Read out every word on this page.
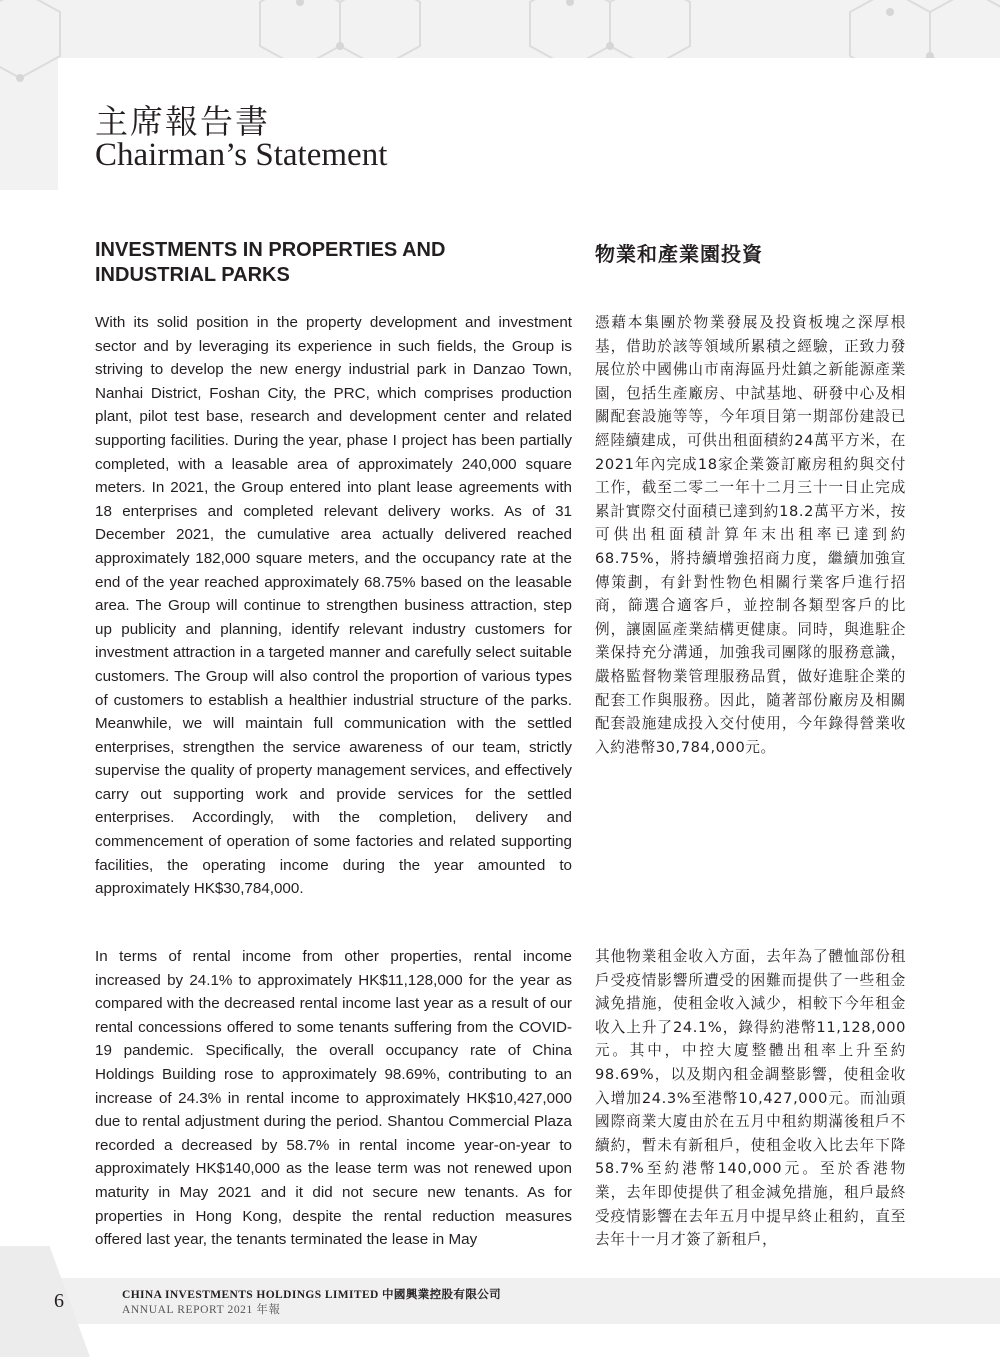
主席報告書
Chairman’s Statement
INVESTMENTS IN PROPERTIES AND INDUSTRIAL PARKS
物業和產業園投資

With its solid position in the property development and investment sector and by leveraging its experience in such fields, the Group is striving to develop the new energy industrial park in Danzao Town, Nanhai District, Foshan City, the PRC, which comprises production plant, pilot test base, research and development center and related supporting facilities. During the year, phase I project has been partially completed, with a leasable area of approximately 240,000 square meters. In 2021, the Group entered into plant lease agreements with 18 enterprises and completed relevant delivery works. As of 31 December 2021, the cumulative area actually delivered reached approximately 182,000 square meters, and the occupancy rate at the end of the year reached approximately 68.75% based on the leasable area. The Group will continue to strengthen business attraction, step up publicity and planning, identify relevant industry customers for investment attraction in a targeted manner and carefully select suitable customers. The Group will also control the proportion of various types of customers to establish a healthier industrial structure of the parks. Meanwhile, we will maintain full communication with the settled enterprises, strengthen the service awareness of our team, strictly supervise the quality of property management services, and effectively carry out supporting work and provide services for the settled enterprises. Accordingly, with the completion, delivery and commencement of operation of some factories and related supporting facilities, the operating income during the year amounted to approximately HK$30,784,000.

憑藉本集團於物業發展及投資板塊之深厚根基，借助於該等領域所累積之經驗，正致力發展位於中國佛山市南海區丹灶鎮之新能源產業園，包括生產廠房、中試基地、研發中心及相關配套設施等等，今年項目第一期部份建設已經陸續建成，可供出租面積約24萬平方米，在2021年內完成18家企業簽訂廠房租約與交付工作，截至二零二一年十二月三十一日止完成累計實際交付面積已達到約18.2萬平方米，按可供出租面積計算年末出租率已達到約68.75%，將持續增強招商力度，繼續加強宣傳策劃，有針對性物色相關行業客戶進行招商，篩選合適客戶，並控制各類型客戶的比例，讓園區產業結構更健康。同時，與進駐企業保持充分溝通，加強我司團隊的服務意識，嚴格監督物業管理服務品質，做好進駐企業的配套工作與服務。因此，隨著部份廠房及相關配套設施建成投入交付使用，今年錄得營業收入約港幣30,784,000元。

In terms of rental income from other properties, rental income increased by 24.1% to approximately HK$11,128,000 for the year as compared with the decreased rental income last year as a result of our rental concessions offered to some tenants suffering from the COVID-19 pandemic. Specifically, the overall occupancy rate of China Holdings Building rose to approximately 98.69%, contributing to an increase of 24.3% in rental income to approximately HK$10,427,000 due to rental adjustment during the period. Shantou Commercial Plaza recorded a decreased by 58.7% in rental income year-on-year to approximately HK$140,000 as the lease term was not renewed upon maturity in May 2021 and it did not secure new tenants. As for properties in Hong Kong, despite the rental reduction measures offered last year, the tenants terminated the lease in May

其他物業租金收入方面，去年為了體恤部份租戶受疫情影響所遭受的困難而提供了一些租金減免措施，使租金收入減少，相較下今年租金收入上升了24.1%，錄得約港幣11,128,000元。其中，中控大廈整體出租率上升至約98.69%，以及期內租金調整影響，使租金收入增加24.3%至港幣10,427,000元。而汕頭國際商業大廈由於在五月中租約期滿後租戶不續約，暫未有新租戶，使租金收入比去年下降58.7%至約港幣140,000元。至於香港物業，去年即使提供了租金減免措施，租戶最終受疫情影響在去年五月中提早終止租約，直至去年十一月才簽了新租戶，

6	CHINA INVESTMENTS HOLDINGS LIMITED 中國興業控股有限公司

ANNUAL REPORT 2021 年報
